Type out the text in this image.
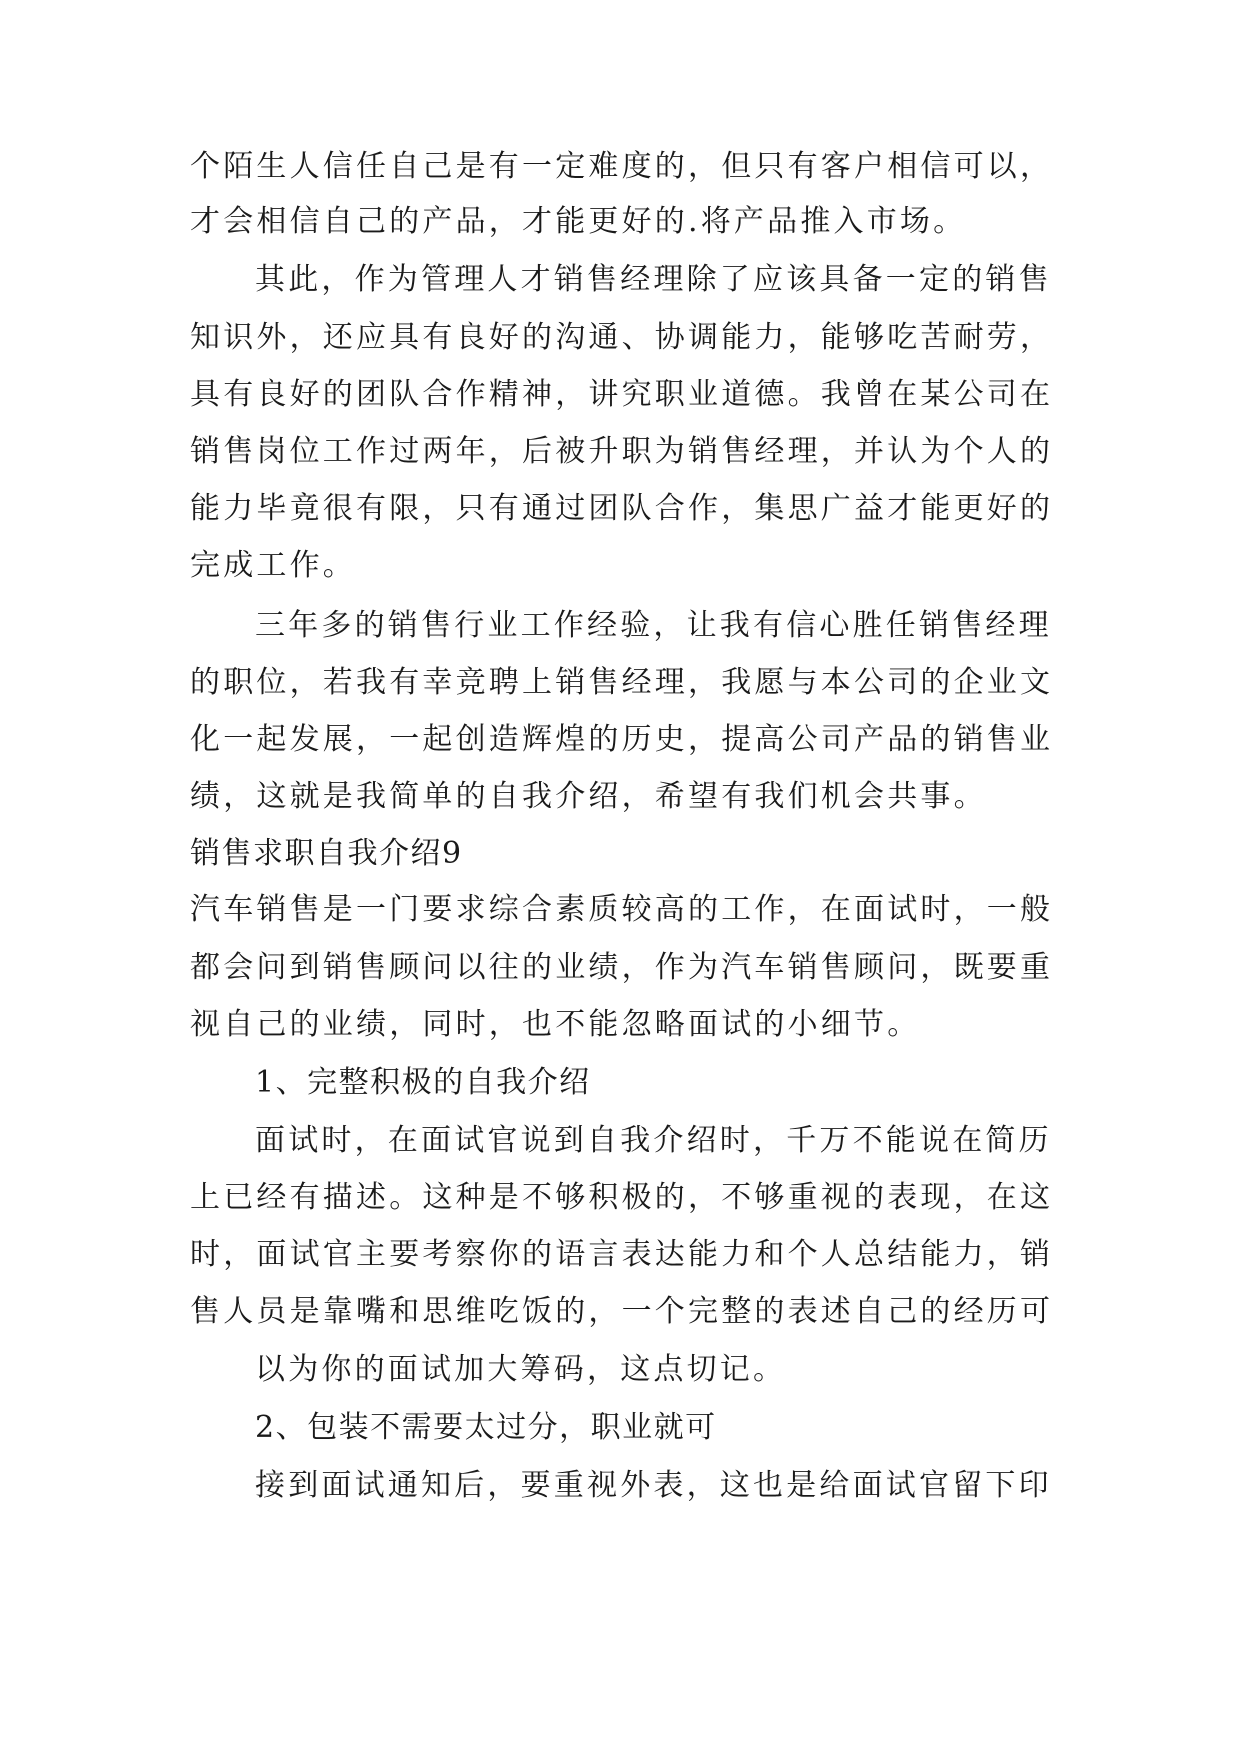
个陌生人信任自己是有一定难度的，但只有客户相信可以，
才会相信自己的产品，才能更好的.将产品推入市场。
其此，作为管理人才销售经理除了应该具备一定的销售
知识外，还应具有良好的沟通、协调能力，能够吃苦耐劳，
具有良好的团队合作精神，讲究职业道德。我曾在某公司在
销售岗位工作过两年，后被升职为销售经理，并认为个人的
能力毕竟很有限，只有通过团队合作，集思广益才能更好的
完成工作。
三年多的销售行业工作经验，让我有信心胜任销售经理
的职位，若我有幸竞聘上销售经理，我愿与本公司的企业文
化一起发展，一起创造辉煌的历史，提高公司产品的销售业
绩，这就是我简单的自我介绍，希望有我们机会共事。
销售求职自我介绍9
汽车销售是一门要求综合素质较高的工作，在面试时，一般
都会问到销售顾问以往的业绩，作为汽车销售顾问，既要重
视自己的业绩，同时，也不能忽略面试的小细节。
1、完整积极的自我介绍
面试时，在面试官说到自我介绍时，千万不能说在简历
上已经有描述。这种是不够积极的，不够重视的表现，在这
时，面试官主要考察你的语言表达能力和个人总结能力，销
售人员是靠嘴和思维吃饭的，一个完整的表述自己的经历可
以为你的面试加大筹码，这点切记。
2、包装不需要太过分，职业就可
接到面试通知后，要重视外表，这也是给面试官留下印
